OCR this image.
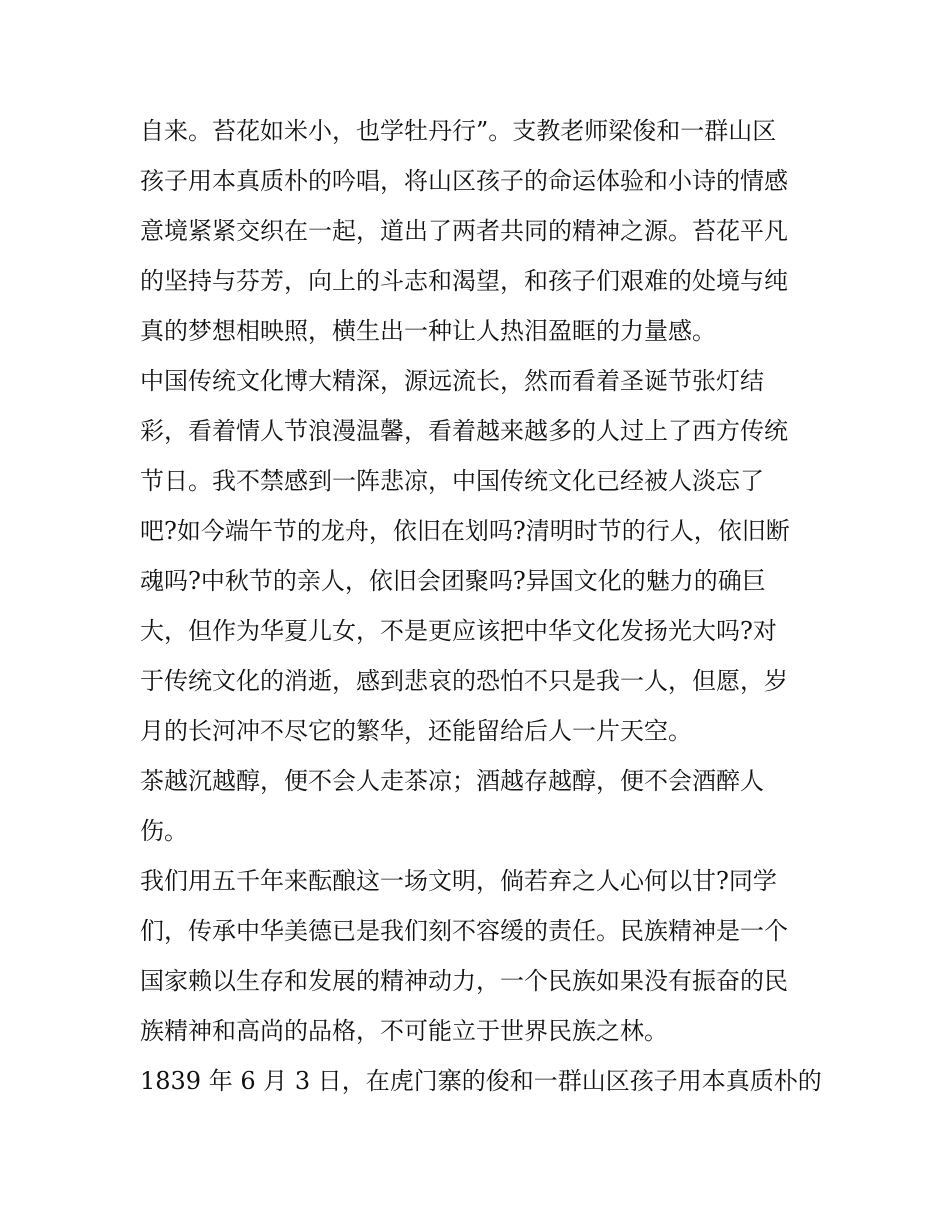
自来。苔花如米小，也学牡丹行”。支教老师梁俊和一群山区
孩子用本真质朴的吟唱，将山区孩子的命运体验和小诗的情感
意境紧紧交织在一起，道出了两者共同的精神之源。苔花平凡
的坚持与芬芳，向上的斗志和渴望，和孩子们艰难的处境与纯
真的梦想相映照，横生出一种让人热泪盈眶的力量感。
中国传统文化博大精深，源远流长，然而看着圣诞节张灯结
彩，看着情人节浪漫温馨，看着越来越多的人过上了西方传统
节日。我不禁感到一阵悲凉，中国传统文化已经被人淡忘了
吧?如今端午节的龙舟，依旧在划吗?清明时节的行人，依旧断
魂吗?中秋节的亲人，依旧会团聚吗?异国文化的魅力的确巨
大，但作为华夏儿女，不是更应该把中华文化发扬光大吗?对
于传统文化的消逝，感到悲哀的恐怕不只是我一人，但愿，岁
月的长河冲不尽它的繁华，还能留给后人一片天空。
茶越沉越醇，便不会人走茶凉；酒越存越醇，便不会酒醉人
伤。
我们用五千年来酝酿这一场文明，倘若弃之人心何以甘?同学
们，传承中华美德已是我们刻不容缓的责任。民族精神是一个
国家赖以生存和发展的精神动力，一个民族如果没有振奋的民
族精神和高尚的品格，不可能立于世界民族之林。
1839 年 6 月 3 日，在虎门寨的俊和一群山区孩子用本真质朴的
